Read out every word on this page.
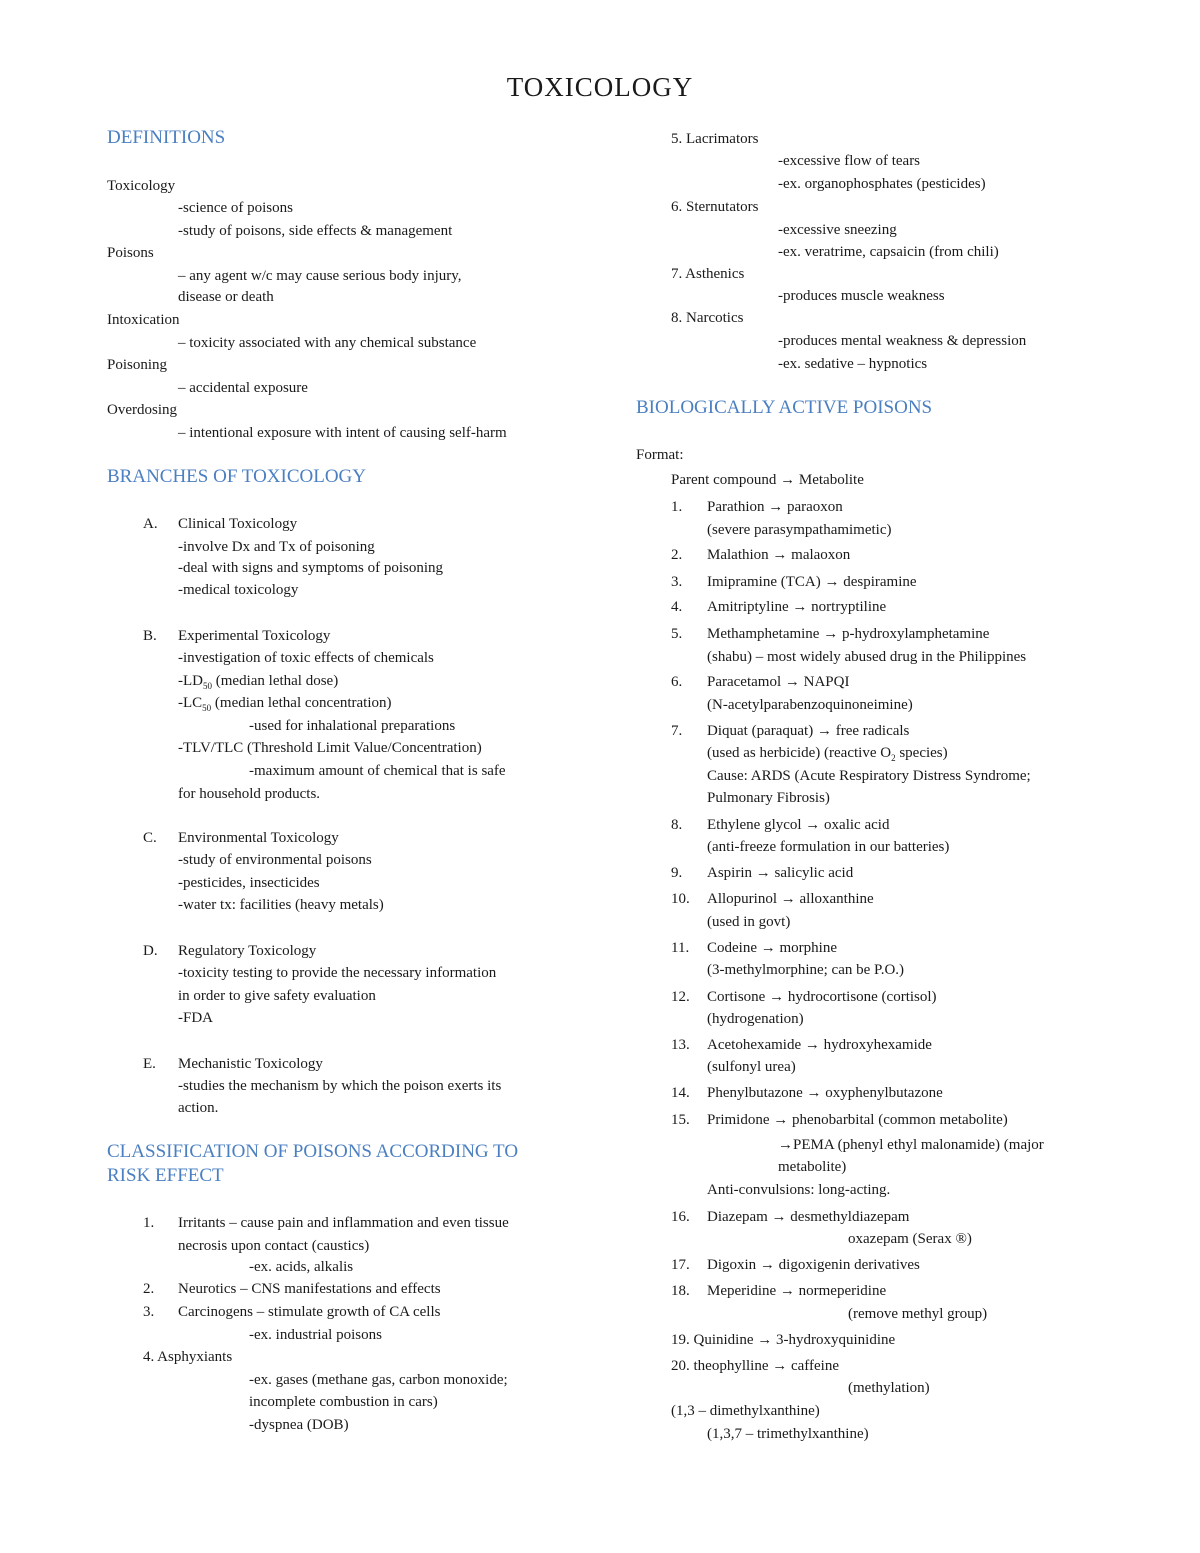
TOXICOLOGY
DEFINITIONS
Toxicology
-science of poisons
-study of poisons, side effects & management
Poisons
– any agent w/c may cause serious body injury,
disease or death
Intoxication
– toxicity associated with any chemical substance
Poisoning
– accidental exposure
Overdosing
– intentional exposure with intent of causing self-harm
BRANCHES OF TOXICOLOGY
A. Clinical Toxicology
-involve Dx and Tx of poisoning
-deal with signs and symptoms of poisoning
-medical toxicology
B. Experimental Toxicology
-investigation of toxic effects of chemicals
$-LD_{50}$ (median lethal dose)
$-LC_{50}$ (median lethal concentration)
-used for inhalational preparations
-TLV/TLC (Threshold Limit Value/Concentration)
-maximum amount of chemical that is safe
for household products.
C. Environmental Toxicology
-study of environmental poisons
-pesticides, insecticides
-water tx: facilities (heavy metals)
D. Regulatory Toxicology
-toxicity testing to provide the necessary information
in order to give safety evaluation
-FDA
E. Mechanistic Toxicology
-studies the mechanism by which the poison exerts its
action.
CLASSIFICATION OF POISONS ACCORDING TO
RISK EFFECT
1. Irritants – cause pain and inflammation and even tissue
necrosis upon contact (caustics)
-ex. acids, alkalis
2. Neurotics – CNS manifestations and effects
3. Carcinogens – stimulate growth of CA cells
-ex. industrial poisons
4. Asphyxiants
-ex. gases (methane gas, carbon monoxide;
incomplete combustion in cars)
-dyspnea (DOB)
5. Lacrimators
-excessive flow of tears
-ex. organophosphates (pesticides)
6. Sternutators
-excessive sneezing
-ex. veratrime, capsaicin (from chili)
7. Asthenics
-produces muscle weakness
8. Narcotics
-produces mental weakness & depression
-ex. sedative – hypnotics
BIOLOGICALLY ACTIVE POISONS
Format:
Parent compound → Metabolite
1. Parathion → paraoxon
(severe parasympathamimetic)
2. Malathion → malaoxon
3. Imipramine (TCA) → despiramine
4. Amitriptyline → nortryptiline
5. Methamphetamine → p-hydroxylamphetamine
(shabu) – most widely abused drug in the Philippines
6. Paracetamol → NAPQI
(N-acetylparabenzoquinoneimine)
7. Diquat (paraquat) → free radicals
(used as herbicide) (reactive $O_2$ species)
Cause: ARDS (Acute Respiratory Distress Syndrome;
Pulmonary Fibrosis)
8. Ethylene glycol → oxalic acid
(anti-freeze formulation in our batteries)
9. Aspirin → salicylic acid
10. Allopurinol → alloxanthine
(used in govt)
11. Codeine → morphine
(3-methylmorphine; can be P.O.)
12. Cortisone → hydrocortisone (cortisol)
(hydrogenation)
13. Acetohexamide → hydroxyhexamide
(sulfonyl urea)
14. Phenylbutazone → oxyphenylbutazone
15. Primidone → phenobarbital (common metabolite)
→PEMA (phenyl ethyl malonamide) (major
metabolite)
Anti-convulsions: long-acting.
16. Diazepam → desmethyldiazepam
oxazepam (Serax ®)
17. Digoxin → digoxigenin derivatives
18. Meperidine → normeperidine
(remove methyl group)
19. Quinidine → 3-hydroxyquinidine
20. theophylline → caffeine
(methylation)
(1,3 – dimethylxanthine)
(1,3,7 – trimethylxanthine)
